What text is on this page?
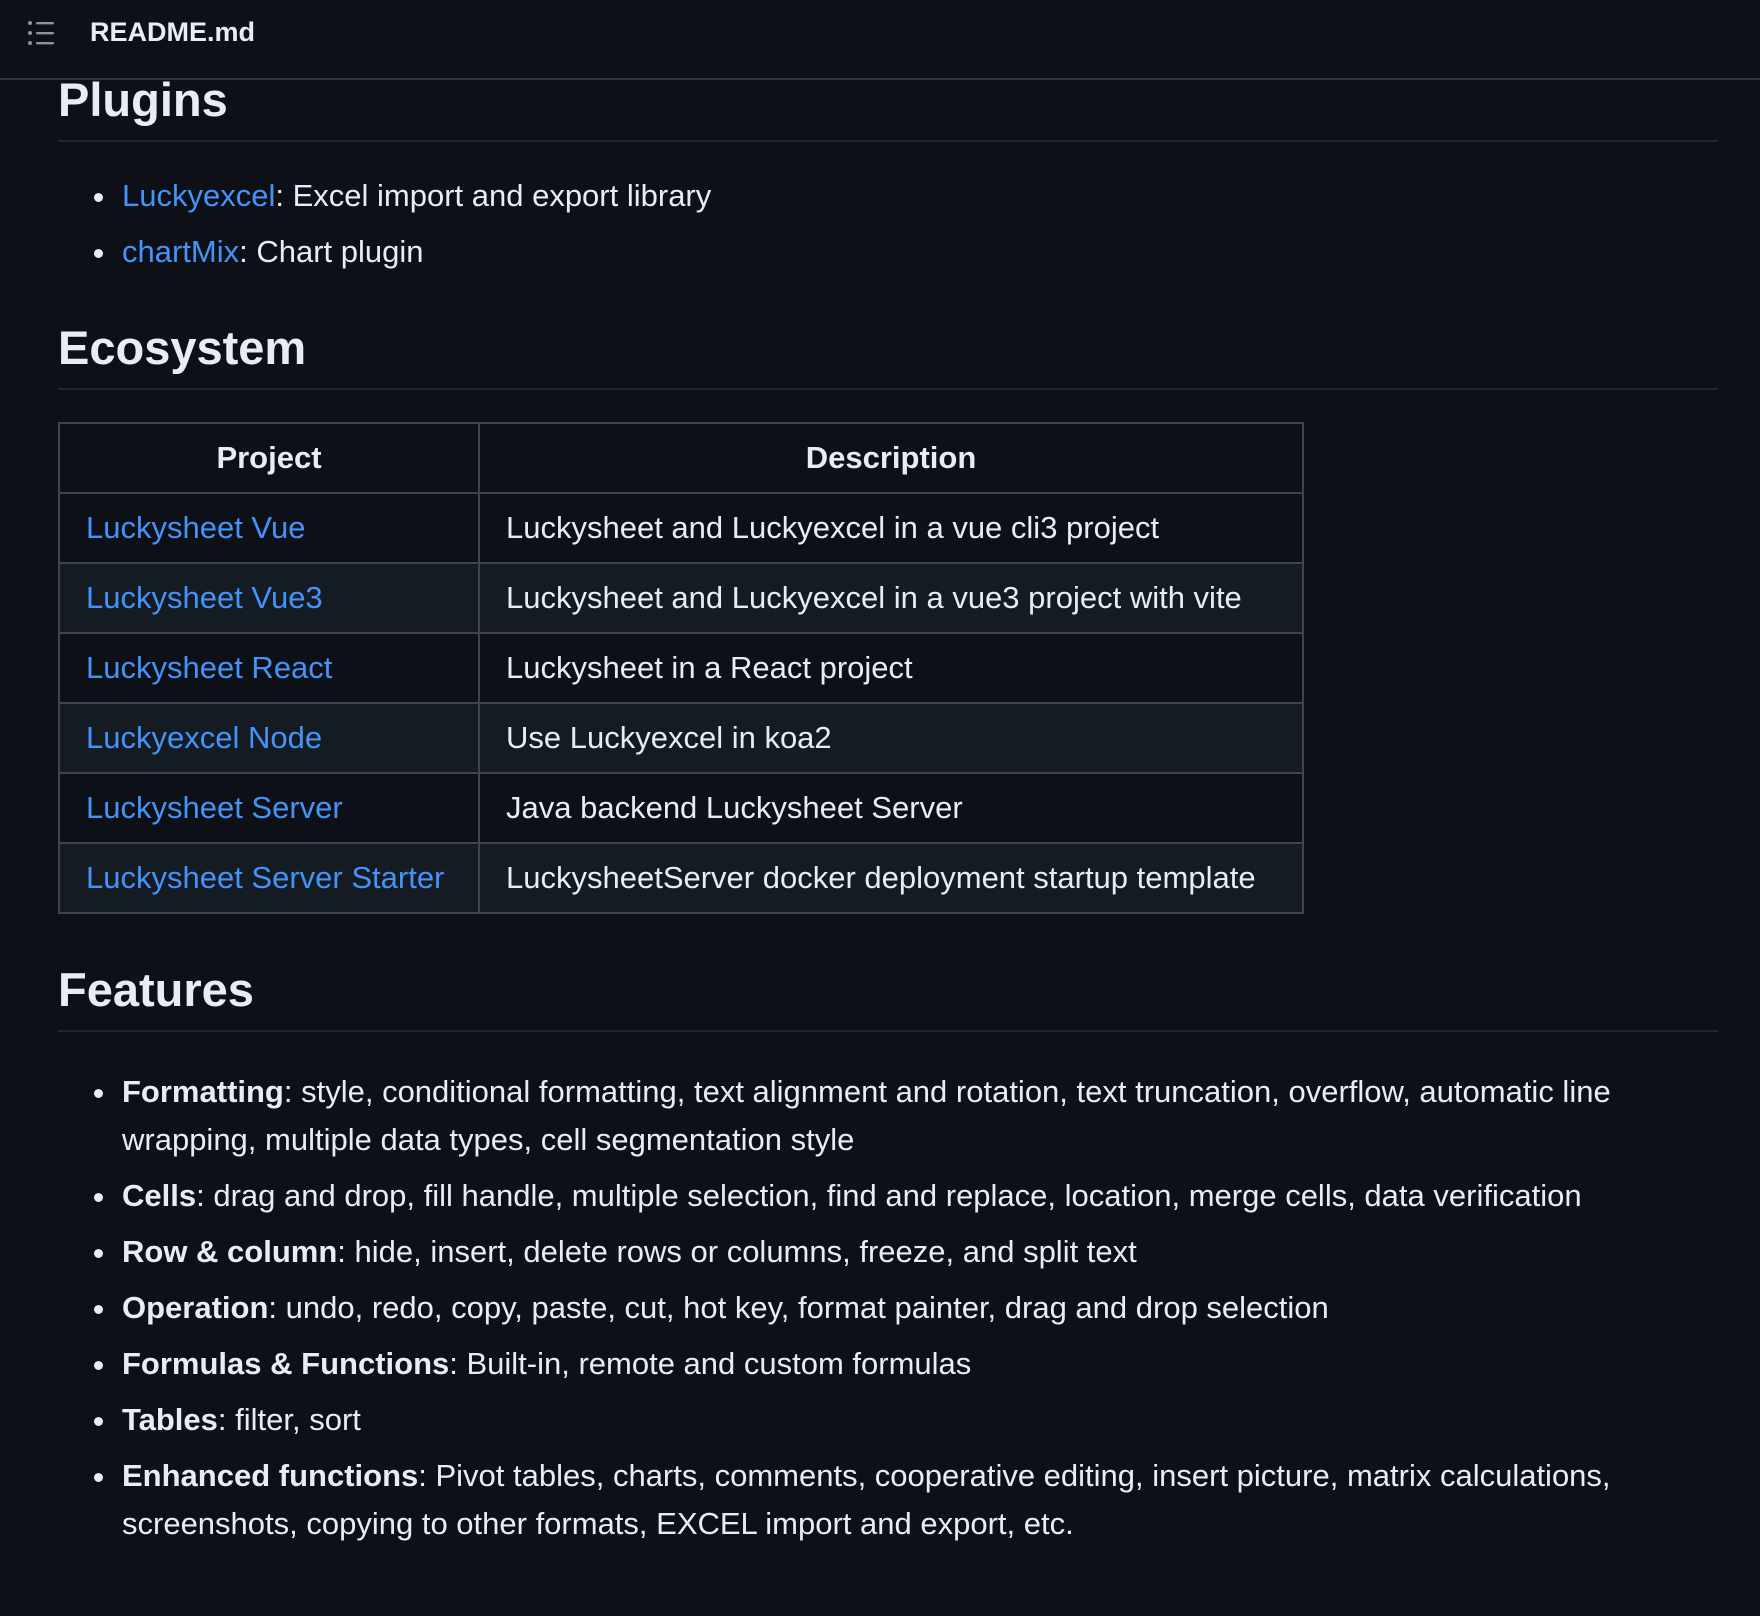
README.md
Plugins
Luckyexcel: Excel import and export library
chartMix: Chart plugin
Ecosystem
Project	Description
Luckysheet Vue	Luckysheet and Luckyexcel in a vue cli3 project
Luckysheet Vue3	Luckysheet and Luckyexcel in a vue3 project with vite
Luckysheet React	Luckysheet in a React project
Luckyexcel Node	Use Luckyexcel in koa2
Luckysheet Server	Java backend Luckysheet Server
Luckysheet Server Starter	LuckysheetServer docker deployment startup template
Features
Formatting: style, conditional formatting, text alignment and rotation, text truncation, overflow, automatic line wrapping, multiple data types, cell segmentation style
Cells: drag and drop, fill handle, multiple selection, find and replace, location, merge cells, data verification
Row & column: hide, insert, delete rows or columns, freeze, and split text
Operation: undo, redo, copy, paste, cut, hot key, format painter, drag and drop selection
Formulas & Functions: Built-in, remote and custom formulas
Tables: filter, sort
Enhanced functions: Pivot tables, charts, comments, cooperative editing, insert picture, matrix calculations, screenshots, copying to other formats, EXCEL import and export, etc.
